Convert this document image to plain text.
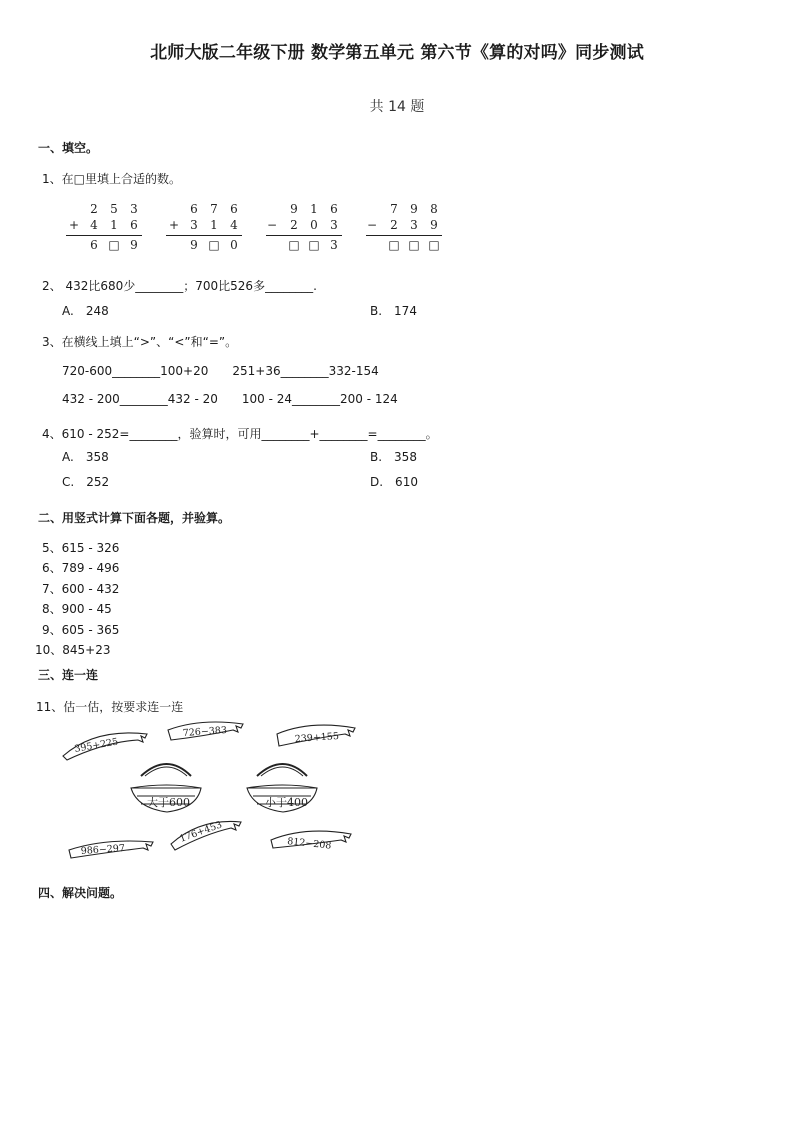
北师大版二年级下册 数学第五单元 第六节《算的对吗》同步测试
共 14 题
一、填空。
1、在□里填上合适的数。
2 5 3
+ 4 1 6
6 □ 9
6 7 6
+ 3 1 4
9 □ 0
9 1 6
− 2 0 3
□ □ 3
7 9 8
− 2 3 9
□ □ □
2、 432比680少________；700比526多________.
A.　248	B.　174
3、在横线上填上“>”、“<”和“=”。
720-600________100+20　　251+36________332-154
432 - 200________432 - 20　　100 - 24________200 - 124
4、610 - 252=________，验算时，可用________+________=________。
A.　358	B.　358
C.　252	D.　610
二、用竖式计算下面各题，并验算。
5、615 - 326
6、789 - 496
7、600 - 432
8、900 - 45
9、605 - 365
10、845+23
三、连一连
11、估一估，按要求连一连
395+225
726−383	239+155
986−297
176+453	812−208
大于600	小于400
四、解决问题。
